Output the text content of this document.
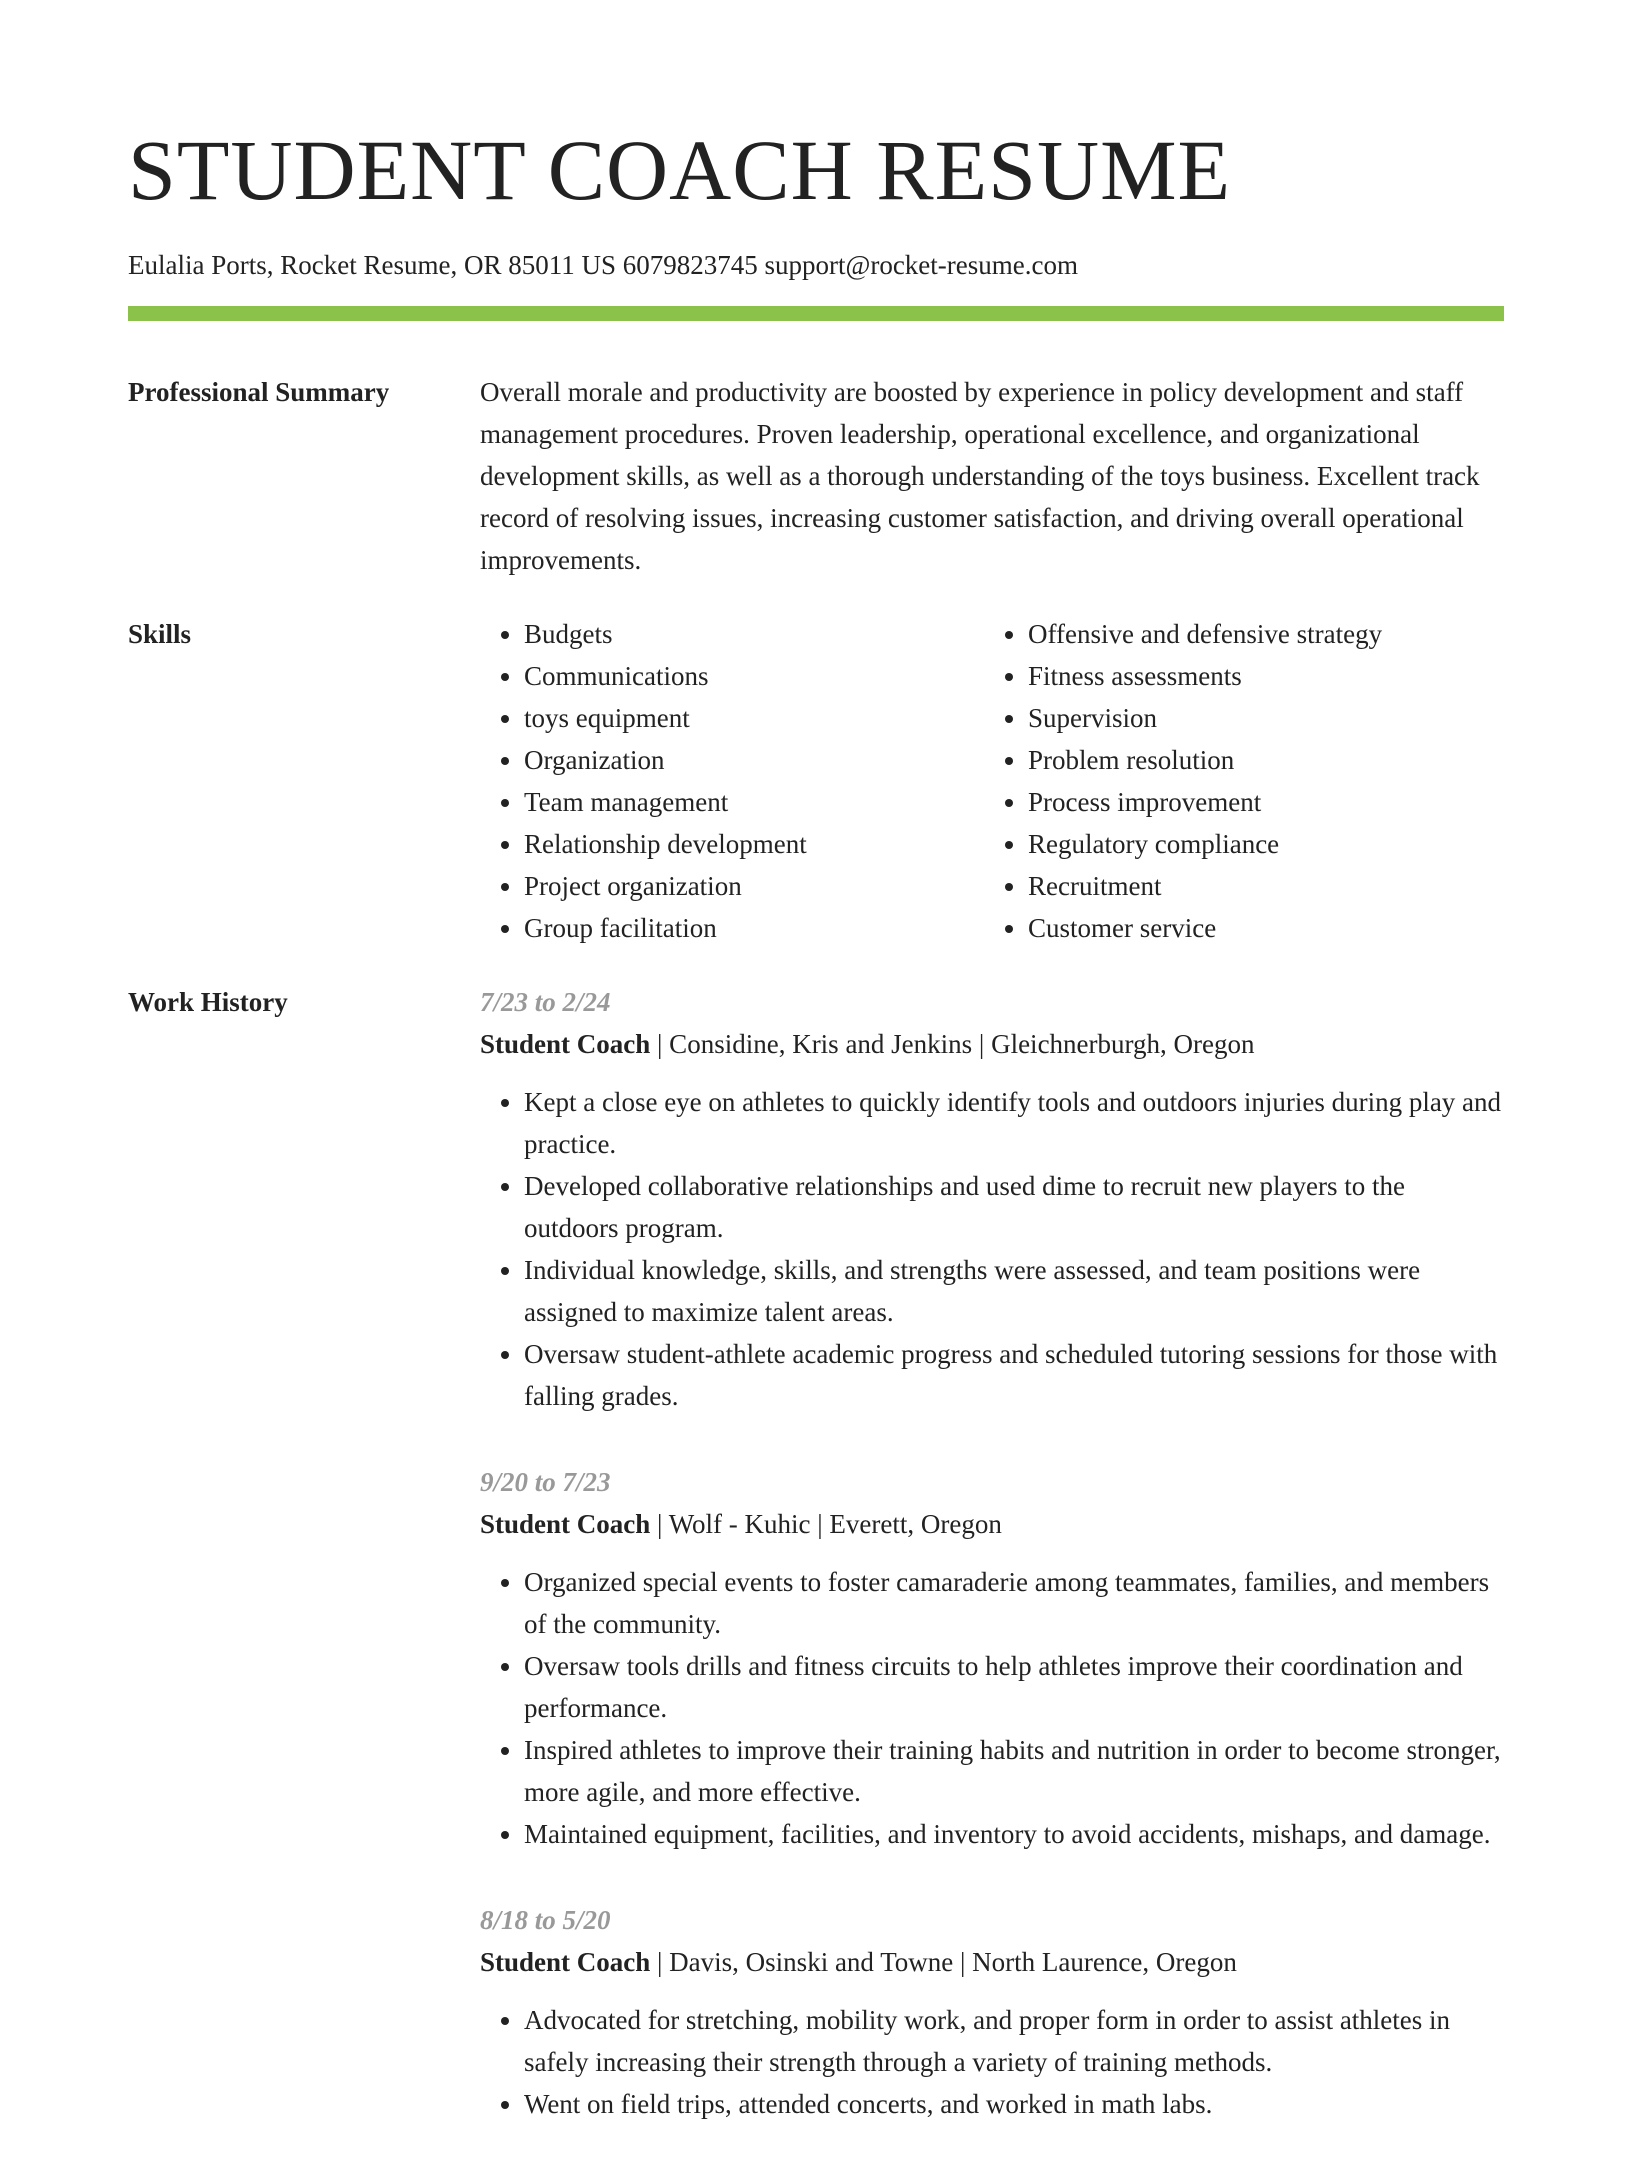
STUDENT COACH RESUME
Eulalia Ports, Rocket Resume, OR 85011 US 6079823745 support@rocket-resume.com
Professional Summary	Overall morale and productivity are boosted by experience in policy development and staff management procedures. Proven leadership, operational excellence, and organizational development skills, as well as a thorough understanding of the toys business. Excellent track record of resolving issues, increasing customer satisfaction, and driving overall operational improvements.
Skills
•	Budgets
• Communications
• toys equipment
• Organization
• Team management
• Relationship development
• Project organization
• Group facilitation
• Offensive and defensive strategy
• Fitness assessments
• Supervision
• Problem resolution
• Process improvement
• Regulatory compliance
• Recruitment
• Customer service
Work History	7/23 to 2/24
Student Coach | Considine, Kris and Jenkins | Gleichnerburgh, Oregon
• Kept a close eye on athletes to quickly identify tools and outdoors injuries during play and practice.
• Developed collaborative relationships and used dime to recruit new players to the outdoors program.
• Individual knowledge, skills, and strengths were assessed, and team positions were assigned to maximize talent areas.
• Oversaw student-athlete academic progress and scheduled tutoring sessions for those with falling grades.
9/20 to 7/23
Student Coach | Wolf - Kuhic | Everett, Oregon
• Organized special events to foster camaraderie among teammates, families, and members of the community.
• Oversaw tools drills and fitness circuits to help athletes improve their coordination and performance.
• Inspired athletes to improve their training habits and nutrition in order to become stronger, more agile, and more effective.
• Maintained equipment, facilities, and inventory to avoid accidents, mishaps, and damage.
8/18 to 5/20
Student Coach | Davis, Osinski and Towne | North Laurence, Oregon
• Advocated for stretching, mobility work, and proper form in order to assist athletes in safely increasing their strength through a variety of training methods.
• Went on field trips, attended concerts, and worked in math labs.
